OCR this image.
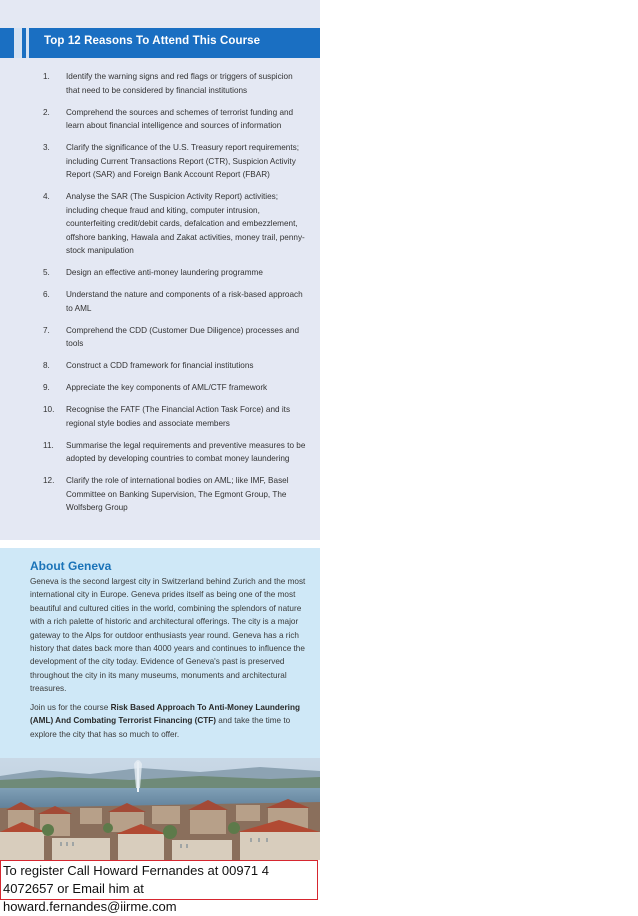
Top 12 Reasons To Attend This Course
1. Identify the warning signs and red flags or triggers of suspicion that need to be considered by financial institutions
2. Comprehend the sources and schemes of terrorist funding and learn about financial intelligence and sources of information
3. Clarify the significance of the U.S. Treasury report requirements; including Current Transactions Report (CTR), Suspicion Activity Report (SAR) and Foreign Bank Account Report (FBAR)
4. Analyse the SAR (The Suspicion Activity Report) activities; including cheque fraud and kiting, computer intrusion, counterfeiting credit/debit cards, defalcation and embezzlement, offshore banking, Hawala and Zakat activities, money trail, penny-stock manipulation
5. Design an effective anti-money laundering programme
6. Understand the nature and components of a risk-based approach to AML
7. Comprehend the CDD (Customer Due Diligence) processes and tools
8. Construct a CDD framework for financial institutions
9. Appreciate the key components of AML/CTF framework
10. Recognise the FATF (The Financial Action Task Force) and its regional style bodies and associate members
11. Summarise the legal requirements and preventive measures to be adopted by developing countries to combat money laundering
12. Clarify the role of international bodies on AML; like IMF, Basel Committee on Banking Supervision, The Egmont Group, The Wolfsberg Group
About Geneva
Geneva is the second largest city in Switzerland behind Zurich and the most international city in Europe. Geneva prides itself as being one of the most beautiful and cultured cities in the world, combining the splendors of nature with a rich palette of historic and architectural offerings. The city is a major gateway to the Alps for outdoor enthusiasts year round. Geneva has a rich history that dates back more than 4000 years and continues to influence the development of the city today. Evidence of Geneva's past is preserved throughout the city in its many museums, monuments and architectural treasures.
Join us for the course Risk Based Approach To Anti-Money Laundering (AML) And Combating Terrorist Financing (CTF) and take the time to explore the city that has so much to offer.
To register Call Howard Fernandes at 00971 4 4072657 or Email him at howard.fernandes@iirme.com
